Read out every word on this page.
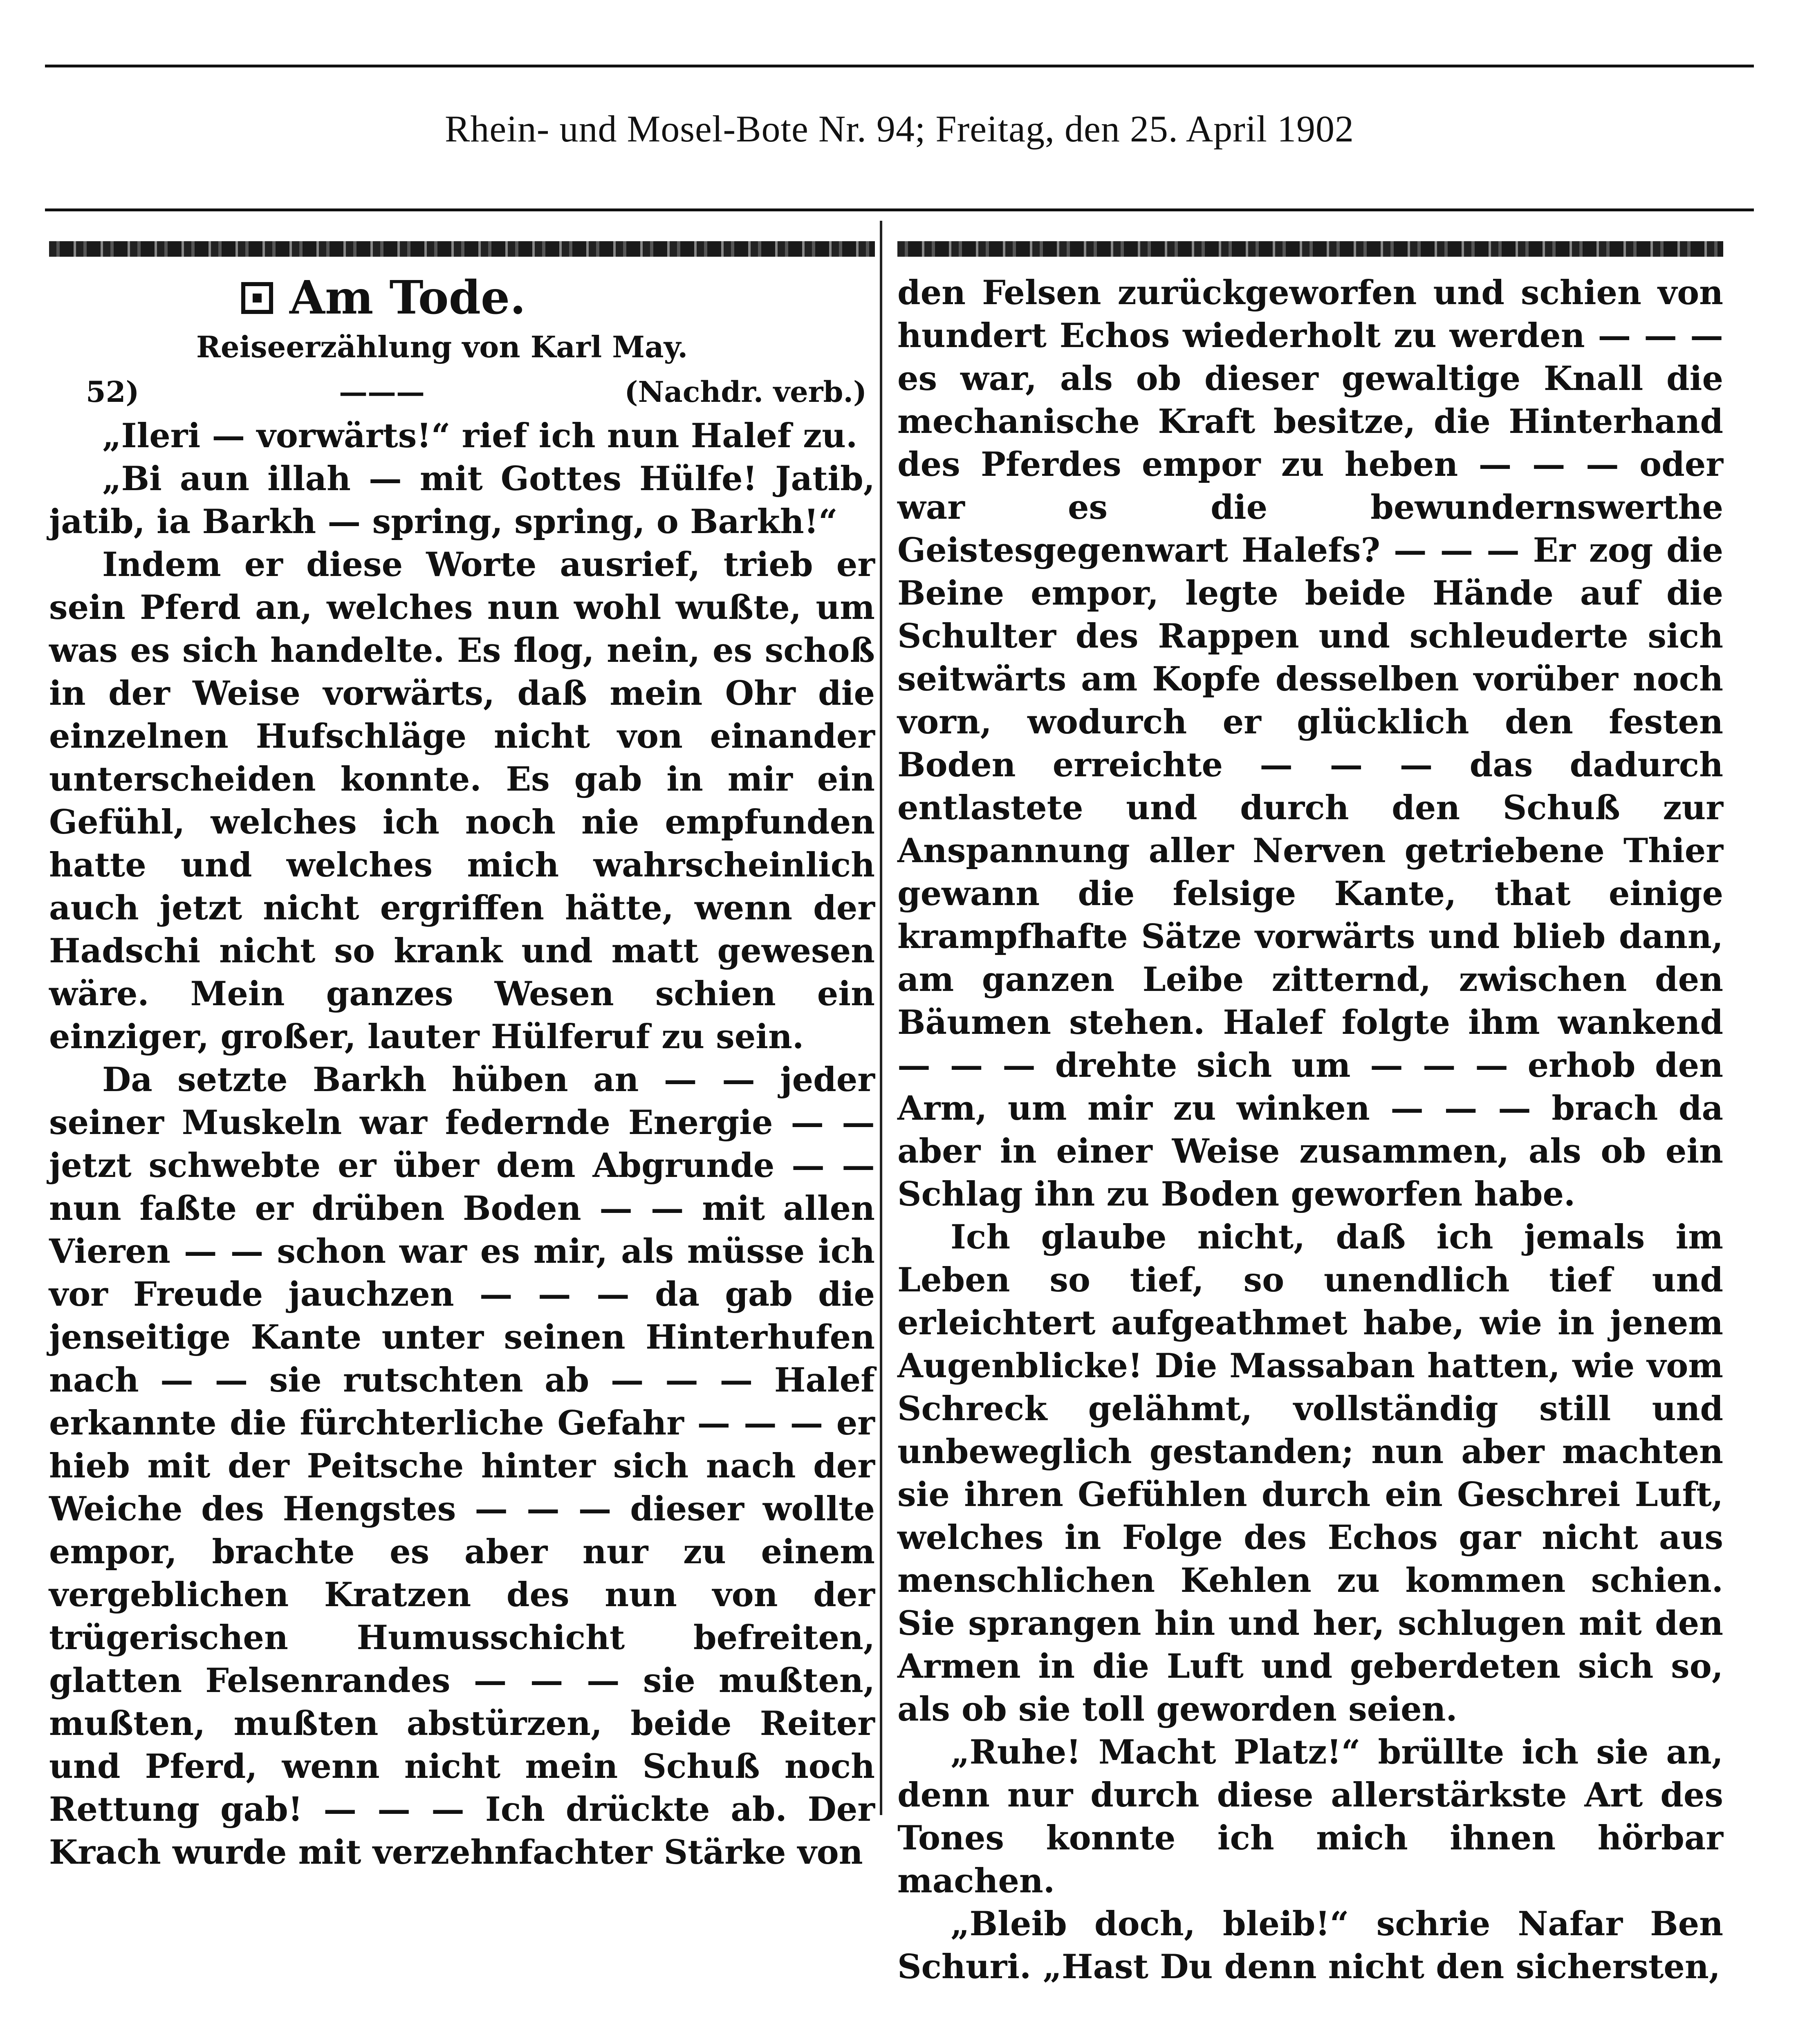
Rhein- und Mosel-Bote Nr. 94; Freitag, den 25. April 1902
Am Tode.
Reiseerzählung von Karl May.
52)	———	(Nachdr. verb.)

„Ileri — vorwärts!“ rief ich nun Halef zu.

„Bi aun illah — mit Gottes Hülfe! Jatib, jatib, ia Barkh — spring, spring, o Barkh!“

Indem er diese Worte ausrief, trieb er sein Pferd an, welches nun wohl wußte, um was es sich handelte. Es flog, nein, es schoß in der Weise vorwärts, daß mein Ohr die einzelnen Hufschläge nicht von einander unterscheiden konnte. Es gab in mir ein Gefühl, welches ich noch nie empfunden hatte und welches mich wahrscheinlich auch jetzt nicht ergriffen hätte, wenn der Hadschi nicht so krank und matt gewesen wäre. Mein ganzes Wesen schien ein einziger, großer, lauter Hülferuf zu sein.

Da setzte Barkh hüben an — — jeder seiner Muskeln war federnde Energie — — jetzt schwebte er über dem Abgrunde — — nun faßte er drüben Boden — — mit allen Vieren — — schon war es mir, als müsse ich vor Freude jauchzen — — — da gab die jenseitige Kante unter seinen Hinterhufen nach — — sie rutschten ab — — — Halef erkannte die fürchterliche Gefahr — — — er hieb mit der Peitsche hinter sich nach der Weiche des Hengstes — — — dieser wollte empor, brachte es aber nur zu einem vergeblichen Kratzen des nun von der trügerischen Humusschicht befreiten, glatten Felsenrandes — — — sie mußten, mußten, mußten abstürzen, beide Reiter und Pferd, wenn nicht mein Schuß noch Rettung gab! — — — Ich drückte ab. Der Krach wurde mit verzehnfachter Stärke von

den Felsen zurückgeworfen und schien von hundert Echos wiederholt zu werden — — — es war, als ob dieser gewaltige Knall die mechanische Kraft besitze, die Hinterhand des Pferdes empor zu heben — — — oder war es die bewundernswerthe Geistesgegenwart Halefs? — — — Er zog die Beine empor, legte beide Hände auf die Schulter des Rappen und schleuderte sich seitwärts am Kopfe desselben vorüber noch vorn, wodurch er glücklich den festen Boden erreichte — — — das dadurch entlastete und durch den Schuß zur Anspannung aller Nerven getriebene Thier gewann die felsige Kante, that einige krampfhafte Sätze vorwärts und blieb dann, am ganzen Leibe zitternd, zwischen den Bäumen stehen. Halef folgte ihm wankend — — — drehte sich um — — — erhob den Arm, um mir zu winken — — — brach da aber in einer Weise zusammen, als ob ein Schlag ihn zu Boden geworfen habe.

Ich glaube nicht, daß ich jemals im Leben so tief, so unendlich tief und erleichtert aufgeathmet habe, wie in jenem Augenblicke! Die Massaban hatten, wie vom Schreck gelähmt, vollständig still und unbeweglich gestanden; nun aber machten sie ihren Gefühlen durch ein Geschrei Luft, welches in Folge des Echos gar nicht aus menschlichen Kehlen zu kommen schien. Sie sprangen hin und her, schlugen mit den Armen in die Luft und geberdeten sich so, als ob sie toll geworden seien.

„Ruhe! Macht Platz!“ brüllte ich sie an, denn nur durch diese allerstärkste Art des Tones konnte ich mich ihnen hörbar machen.

„Bleib doch, bleib!“ schrie Nafar Ben Schuri. „Hast Du denn nicht den sichersten,
